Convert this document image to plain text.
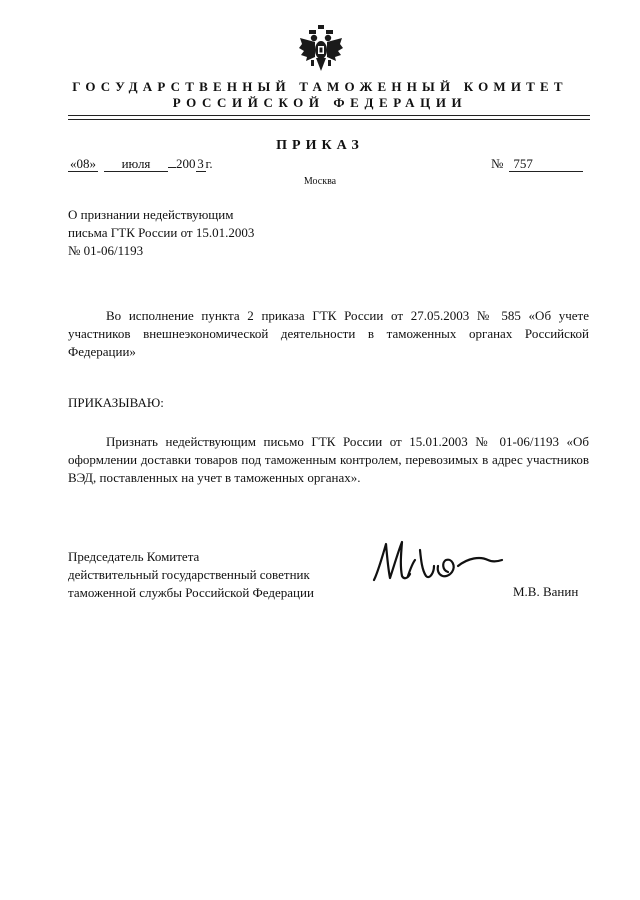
ГОСУДАРСТВЕННЫЙ ТАМОЖЕННЫЙ КОМИТЕТ
РОССИЙСКОЙ ФЕДЕРАЦИИ
ПРИКАЗ
«08» июля 200 3 г.	№ 757
Москва
О признании недействующим
письма ГТК России от 15.01.2003
№ 01-06/1193
Во исполнение пункта 2 приказа ГТК России от 27.05.2003 № 585 «Об учете участников внешнеэкономической деятельности в таможенных органах Российской Федерации»
ПРИКАЗЫВАЮ:
Признать недействующим письмо ГТК России от 15.01.2003 № 01-06/1193 «Об оформлении доставки товаров под таможенным контролем, перевозимых в адрес участников ВЭД, поставленных на учет в таможенных органах».
Председатель Комитета
действительный государственный советник
таможенной службы Российской Федерации	М.В. Ванин
